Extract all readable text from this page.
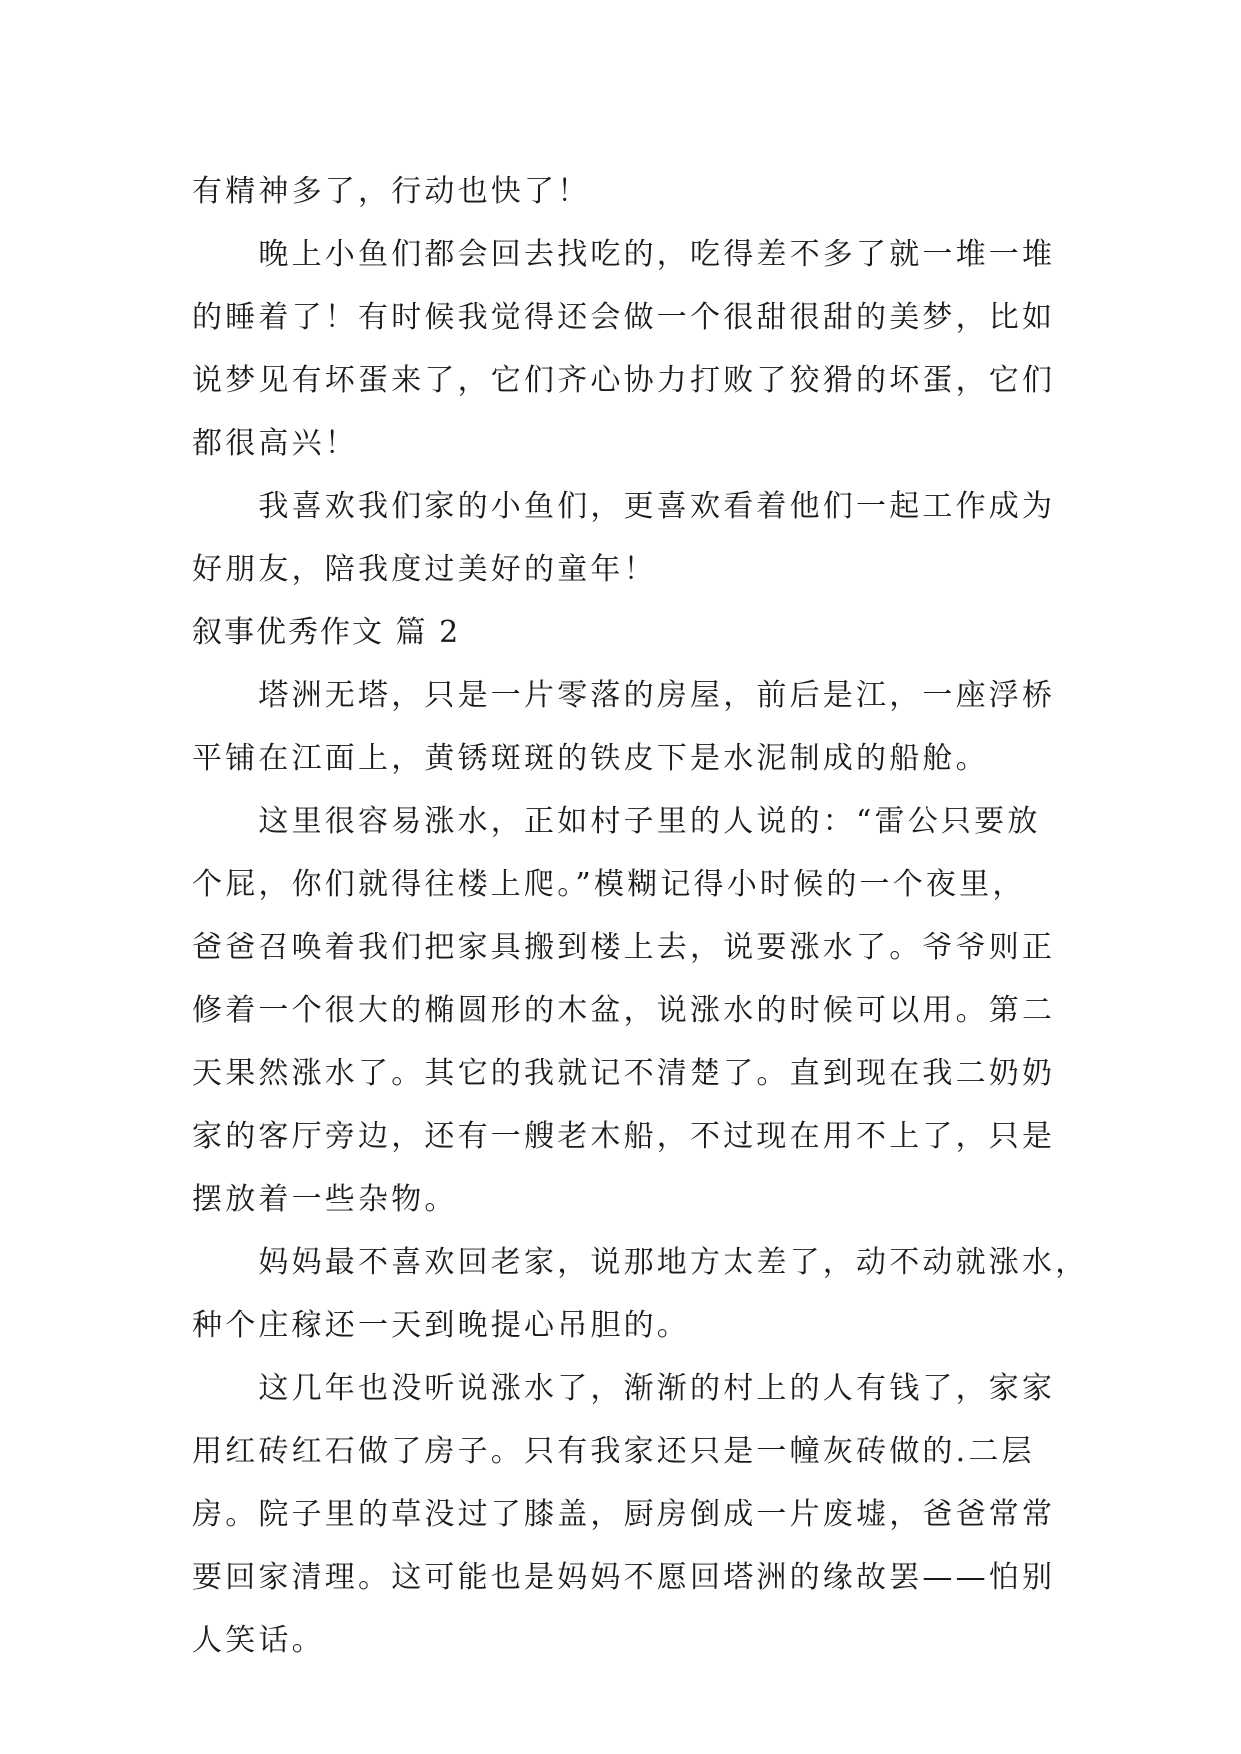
有精神多了，行动也快了！
　　晚上小鱼们都会回去找吃的，吃得差不多了就一堆一堆
的睡着了！有时候我觉得还会做一个很甜很甜的美梦，比如
说梦见有坏蛋来了，它们齐心协力打败了狡猾的坏蛋，它们
都很高兴！
　　我喜欢我们家的小鱼们，更喜欢看着他们一起工作成为
好朋友，陪我度过美好的童年！
叙事优秀作文 篇 2
　　塔洲无塔，只是一片零落的房屋，前后是江，一座浮桥
平铺在江面上，黄锈斑斑的铁皮下是水泥制成的船舱。
　　这里很容易涨水，正如村子里的人说的：“雷公只要放
个屁，你们就得往楼上爬。”模糊记得小时候的一个夜里，
爸爸召唤着我们把家具搬到楼上去，说要涨水了。爷爷则正
修着一个很大的椭圆形的木盆，说涨水的时候可以用。第二
天果然涨水了。其它的我就记不清楚了。直到现在我二奶奶
家的客厅旁边，还有一艘老木船，不过现在用不上了，只是
摆放着一些杂物。
　　妈妈最不喜欢回老家，说那地方太差了，动不动就涨水，
种个庄稼还一天到晚提心吊胆的。
　　这几年也没听说涨水了，渐渐的村上的人有钱了，家家
用红砖红石做了房子。只有我家还只是一幢灰砖做的.二层
房。院子里的草没过了膝盖，厨房倒成一片废墟，爸爸常常
要回家清理。这可能也是妈妈不愿回塔洲的缘故罢——怕别
人笑话。
